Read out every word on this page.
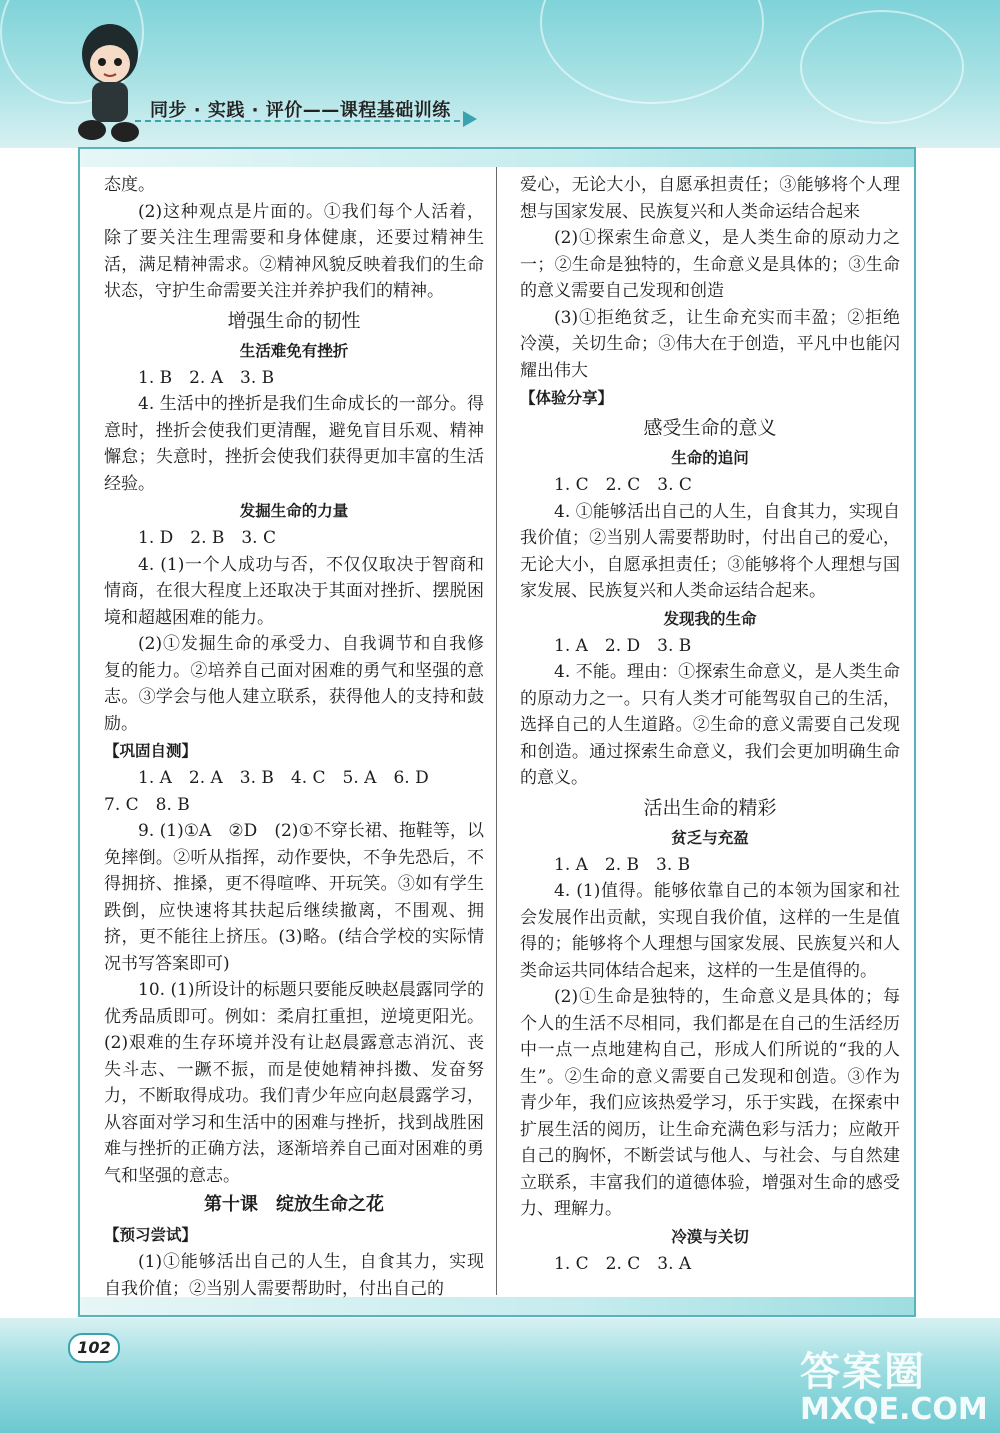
同步 · 实践 · 评价——课程基础训练

态度。

(2)这种观点是片面的。①我们每个人活着，除了要关注生理需要和身体健康，还要过精神生活，满足精神需求。②精神风貌反映着我们的生命状态，守护生命需要关注并养护我们的精神。

增强生命的韧性
生活难免有挫折

1. B　2. A　3. B

4. 生活中的挫折是我们生命成长的一部分。得意时，挫折会使我们更清醒，避免盲目乐观、精神懈怠；失意时，挫折会使我们获得更加丰富的生活经验。

发掘生命的力量

1. D　2. B　3. C

4. (1)一个人成功与否，不仅仅取决于智商和情商，在很大程度上还取决于其面对挫折、摆脱困境和超越困难的能力。

(2)①发掘生命的承受力、自我调节和自我修复的能力。②培养自己面对困难的勇气和坚强的意志。③学会与他人建立联系，获得他人的支持和鼓励。

【巩固自测】

1. A　2. A　3. B　4. C　5. A　6. D

7. C　8. B

9. (1)①A　②D　(2)①不穿长裙、拖鞋等，以免摔倒。②听从指挥，动作要快，不争先恐后，不得拥挤、推搡，更不得喧哗、开玩笑。③如有学生跌倒，应快速将其扶起后继续撤离，不围观、拥挤，更不能往上挤压。(3)略。(结合学校的实际情况书写答案即可)

10. (1)所设计的标题只要能反映赵晨露同学的优秀品质即可。例如：柔肩扛重担，逆境更阳光。(2)艰难的生存环境并没有让赵晨露意志消沉、丧失斗志、一蹶不振，而是使她精神抖擞、发奋努力，不断取得成功。我们青少年应向赵晨露学习，从容面对学习和生活中的困难与挫折，找到战胜困难与挫折的正确方法，逐渐培养自己面对困难的勇气和坚强的意志。

第十课　绽放生命之花
【预习尝试】

(1)①能够活出自己的人生，自食其力，实现自我价值；②当别人需要帮助时，付出自己的

爱心，无论大小，自愿承担责任；③能够将个人理想与国家发展、民族复兴和人类命运结合起来

(2)①探索生命意义，是人类生命的原动力之一；②生命是独特的，生命意义是具体的；③生命的意义需要自己发现和创造

(3)①拒绝贫乏，让生命充实而丰盈；②拒绝冷漠，关切生命；③伟大在于创造，平凡中也能闪耀出伟大

【体验分享】
感受生命的意义
生命的追问

1. C　2. C　3. C

4. ①能够活出自己的人生，自食其力，实现自我价值；②当别人需要帮助时，付出自己的爱心，无论大小，自愿承担责任；③能够将个人理想与国家发展、民族复兴和人类命运结合起来。

发现我的生命

1. A　2. D　3. B

4. 不能。理由：①探索生命意义，是人类生命的原动力之一。只有人类才可能驾驭自己的生活，选择自己的人生道路。②生命的意义需要自己发现和创造。通过探索生命意义，我们会更加明确生命的意义。

活出生命的精彩
贫乏与充盈

1. A　2. B　3. B

4. (1)值得。能够依靠自己的本领为国家和社会发展作出贡献，实现自我价值，这样的一生是值得的；能够将个人理想与国家发展、民族复兴和人类命运共同体结合起来，这样的一生是值得的。

(2)①生命是独特的，生命意义是具体的；每个人的生活不尽相同，我们都是在自己的生活经历中一点一点地建构自己，形成人们所说的“我的人生”。②生命的意义需要自己发现和创造。③作为青少年，我们应该热爱学习，乐于实践，在探索中扩展生活的阅历，让生命充满色彩与活力；应敞开自己的胸怀，不断尝试与他人、与社会、与自然建立联系，丰富我们的道德体验，增强对生命的感受力、理解力。

冷漠与关切

1. C　2. C　3. A

102
答案圈
MXQE.COM
